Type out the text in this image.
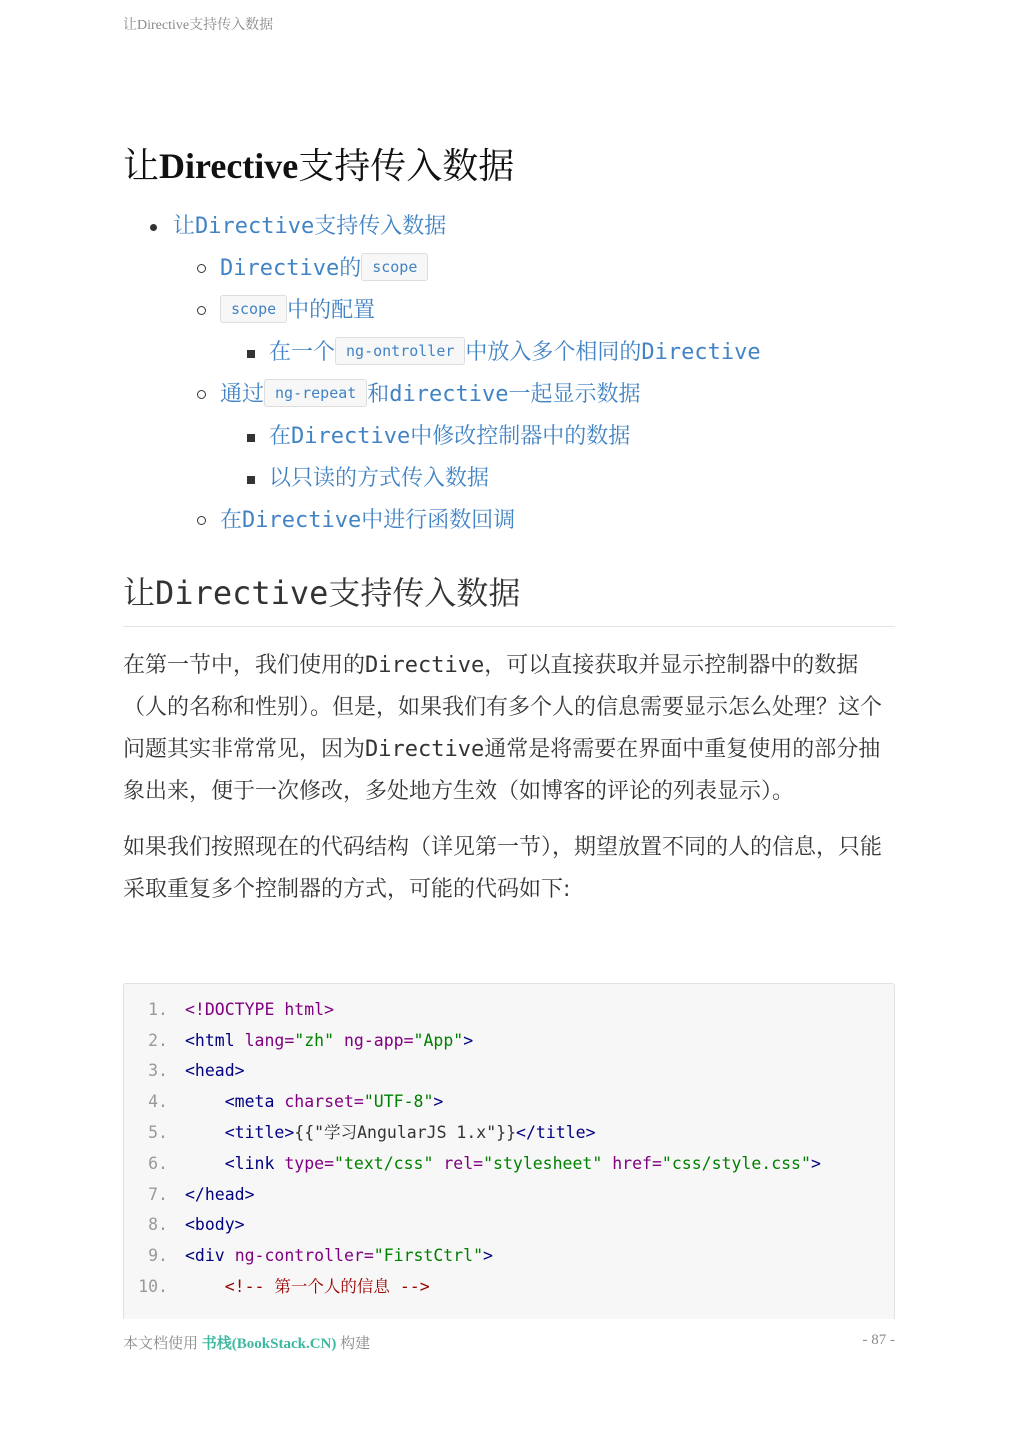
让Directive支持传入数据
让Directive支持传入数据
让Directive支持传入数据
Directive的 scope
scope 中的配置
在一个 ng-ontroller 中放入多个相同的Directive
通过 ng-repeat 和directive一起显示数据
在Directive中修改控制器中的数据
以只读的方式传入数据
在Directive中进行函数回调
让Directive支持传入数据

在第一节中，我们使用的Directive，可以直接获取并显示控制器中的数据（人的名称和性别）。但是，如果我们有多个人的信息需要显示怎么处理？这个问题其实非常常见，因为Directive通常是将需要在界面中重复使用的部分抽象出来，便于一次修改，多处地方生效（如博客的评论的列表显示）。

如果我们按照现在的代码结构（详见第一节），期望放置不同的人的信息，只能采取重复多个控制器的方式，可能的代码如下:

1. <!DOCTYPE html>
2. <html lang="zh" ng-app="App">
3. <head>
4.	<meta charset="UTF-8">
5.	<title>{{"学习AngularJS 1.x"}}</title>
6.	<link type="text/css" rel="stylesheet" href="css/style.css">
7. </head>
8. <body>
9. <div ng-controller="FirstCtrl">
10.	<!-- 第一个人的信息 -->
本文档使用 书栈(BookStack.CN) 构建	- 87 -
